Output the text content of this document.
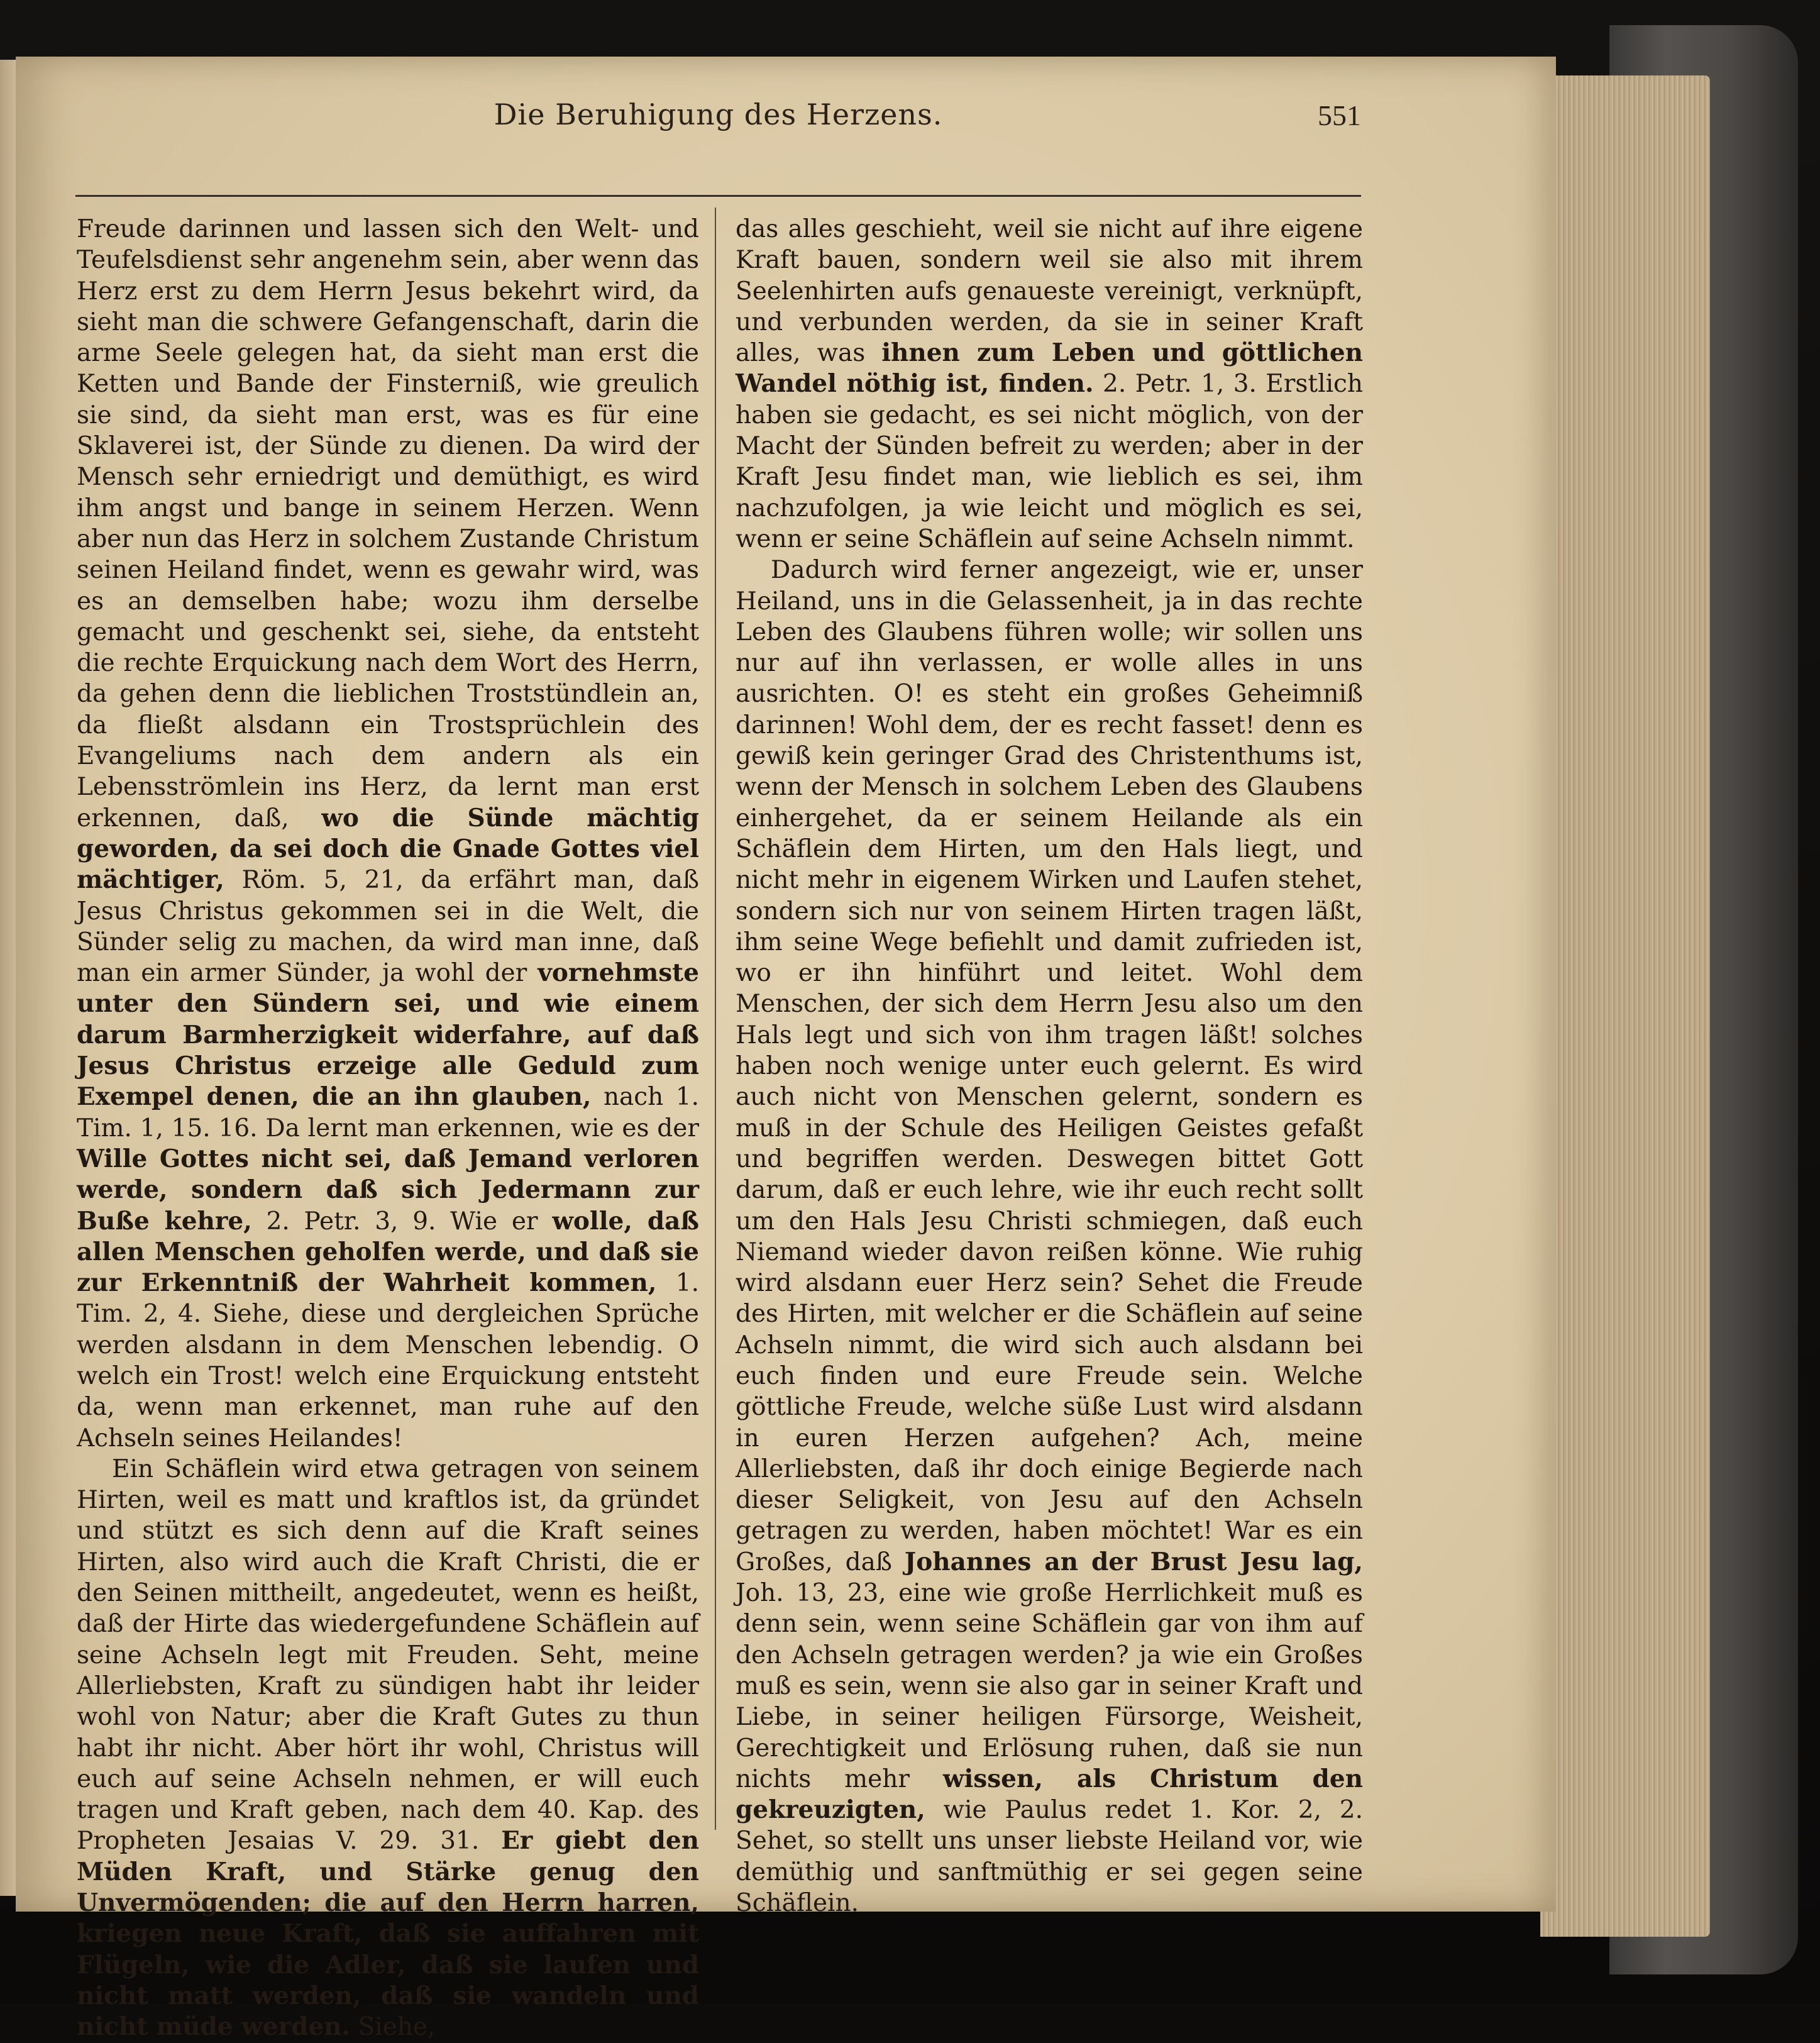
Die Beruhigung des Herzens.	551

Freude darinnen und lassen sich den Welt- und Teufelsdienst sehr angenehm sein, aber wenn das Herz erst zu dem Herrn Jesus bekehrt wird, da sieht man die schwere Gefangenschaft, darin die arme Seele gelegen hat, da sieht man erst die Ketten und Bande der Finsterniß, wie greulich sie sind, da sieht man erst, was es für eine Sklaverei ist, der Sünde zu dienen. Da wird der Mensch sehr erniedrigt und demüthigt, es wird ihm angst und bange in seinem Herzen. Wenn aber nun das Herz in solchem Zustande Christum seinen Heiland findet, wenn es gewahr wird, was es an demselben habe; wozu ihm derselbe gemacht und geschenkt sei, siehe, da entsteht die rechte Erquickung nach dem Wort des Herrn, da gehen denn die lieblichen Troststündlein an, da fließt alsdann ein Trostsprüchlein des Evangeliums nach dem andern als ein Lebensströmlein ins Herz, da lernt man erst erkennen, daß, wo die Sünde mächtig geworden, da sei doch die Gnade Gottes viel mächtiger, Röm. 5, 21, da erfährt man, daß Jesus Christus gekommen sei in die Welt, die Sünder selig zu machen, da wird man inne, daß man ein armer Sünder, ja wohl der vornehmste unter den Sündern sei, und wie einem darum Barmherzigkeit widerfahre, auf daß Jesus Christus erzeige alle Geduld zum Exempel denen, die an ihn glauben, nach 1. Tim. 1, 15. 16. Da lernt man erkennen, wie es der Wille Gottes nicht sei, daß Jemand verloren werde, sondern daß sich Jedermann zur Buße kehre, 2. Petr. 3, 9. Wie er wolle, daß allen Menschen geholfen werde, und daß sie zur Erkenntniß der Wahrheit kommen, 1. Tim. 2, 4. Siehe, diese und dergleichen Sprüche werden alsdann in dem Menschen lebendig. O welch ein Trost! welch eine Erquickung entsteht da, wenn man erkennet, man ruhe auf den Achseln seines Heilandes!

Ein Schäflein wird etwa getragen von seinem Hirten, weil es matt und kraftlos ist, da gründet und stützt es sich denn auf die Kraft seines Hirten, also wird auch die Kraft Christi, die er den Seinen mittheilt, angedeutet, wenn es heißt, daß der Hirte das wiedergefundene Schäflein auf seine Achseln legt mit Freuden. Seht, meine Allerliebsten, Kraft zu sündigen habt ihr leider wohl von Natur; aber die Kraft Gutes zu thun habt ihr nicht. Aber hört ihr wohl, Christus will euch auf seine Achseln nehmen, er will euch tragen und Kraft geben, nach dem 40. Kap. des Propheten Jesaias V. 29. 31. Er giebt den Müden Kraft, und Stärke genug den Unvermögenden; die auf den Herrn harren, kriegen neue Kraft, daß sie auffahren mit Flügeln, wie die Adler, daß sie laufen und nicht matt werden, daß sie wandeln und nicht müde werden. Siehe,

das alles geschieht, weil sie nicht auf ihre eigene Kraft bauen, sondern weil sie also mit ihrem Seelenhirten aufs genaueste vereinigt, verknüpft, und verbunden werden, da sie in seiner Kraft alles, was ihnen zum Leben und göttlichen Wandel nöthig ist, finden. 2. Petr. 1, 3. Erstlich haben sie gedacht, es sei nicht möglich, von der Macht der Sünden befreit zu werden; aber in der Kraft Jesu findet man, wie lieblich es sei, ihm nachzufolgen, ja wie leicht und möglich es sei, wenn er seine Schäflein auf seine Achseln nimmt.

Dadurch wird ferner angezeigt, wie er, unser Heiland, uns in die Gelassenheit, ja in das rechte Leben des Glaubens führen wolle; wir sollen uns nur auf ihn verlassen, er wolle alles in uns ausrichten. O! es steht ein großes Geheimniß darinnen! Wohl dem, der es recht fasset! denn es gewiß kein geringer Grad des Christenthums ist, wenn der Mensch in solchem Leben des Glaubens einhergehet, da er seinem Heilande als ein Schäflein dem Hirten, um den Hals liegt, und nicht mehr in eigenem Wirken und Laufen stehet, sondern sich nur von seinem Hirten tragen läßt, ihm seine Wege befiehlt und damit zufrieden ist, wo er ihn hinführt und leitet. Wohl dem Menschen, der sich dem Herrn Jesu also um den Hals legt und sich von ihm tragen läßt! solches haben noch wenige unter euch gelernt. Es wird auch nicht von Menschen gelernt, sondern es muß in der Schule des Heiligen Geistes gefaßt und begriffen werden. Deswegen bittet Gott darum, daß er euch lehre, wie ihr euch recht sollt um den Hals Jesu Christi schmiegen, daß euch Niemand wieder davon reißen könne. Wie ruhig wird alsdann euer Herz sein? Sehet die Freude des Hirten, mit welcher er die Schäflein auf seine Achseln nimmt, die wird sich auch alsdann bei euch finden und eure Freude sein. Welche göttliche Freude, welche süße Lust wird alsdann in euren Herzen aufgehen? Ach, meine Allerliebsten, daß ihr doch einige Begierde nach dieser Seligkeit, von Jesu auf den Achseln getragen zu werden, haben möchtet! War es ein Großes, daß Johannes an der Brust Jesu lag, Joh. 13, 23, eine wie große Herrlichkeit muß es denn sein, wenn seine Schäflein gar von ihm auf den Achseln getragen werden? ja wie ein Großes muß es sein, wenn sie also gar in seiner Kraft und Liebe, in seiner heiligen Fürsorge, Weisheit, Gerechtigkeit und Erlösung ruhen, daß sie nun nichts mehr wissen, als Christum den gekreuzigten, wie Paulus redet 1. Kor. 2, 2. Sehet, so stellt uns unser liebste Heiland vor, wie demüthig und sanftmüthig er sei gegen seine Schäflein.
